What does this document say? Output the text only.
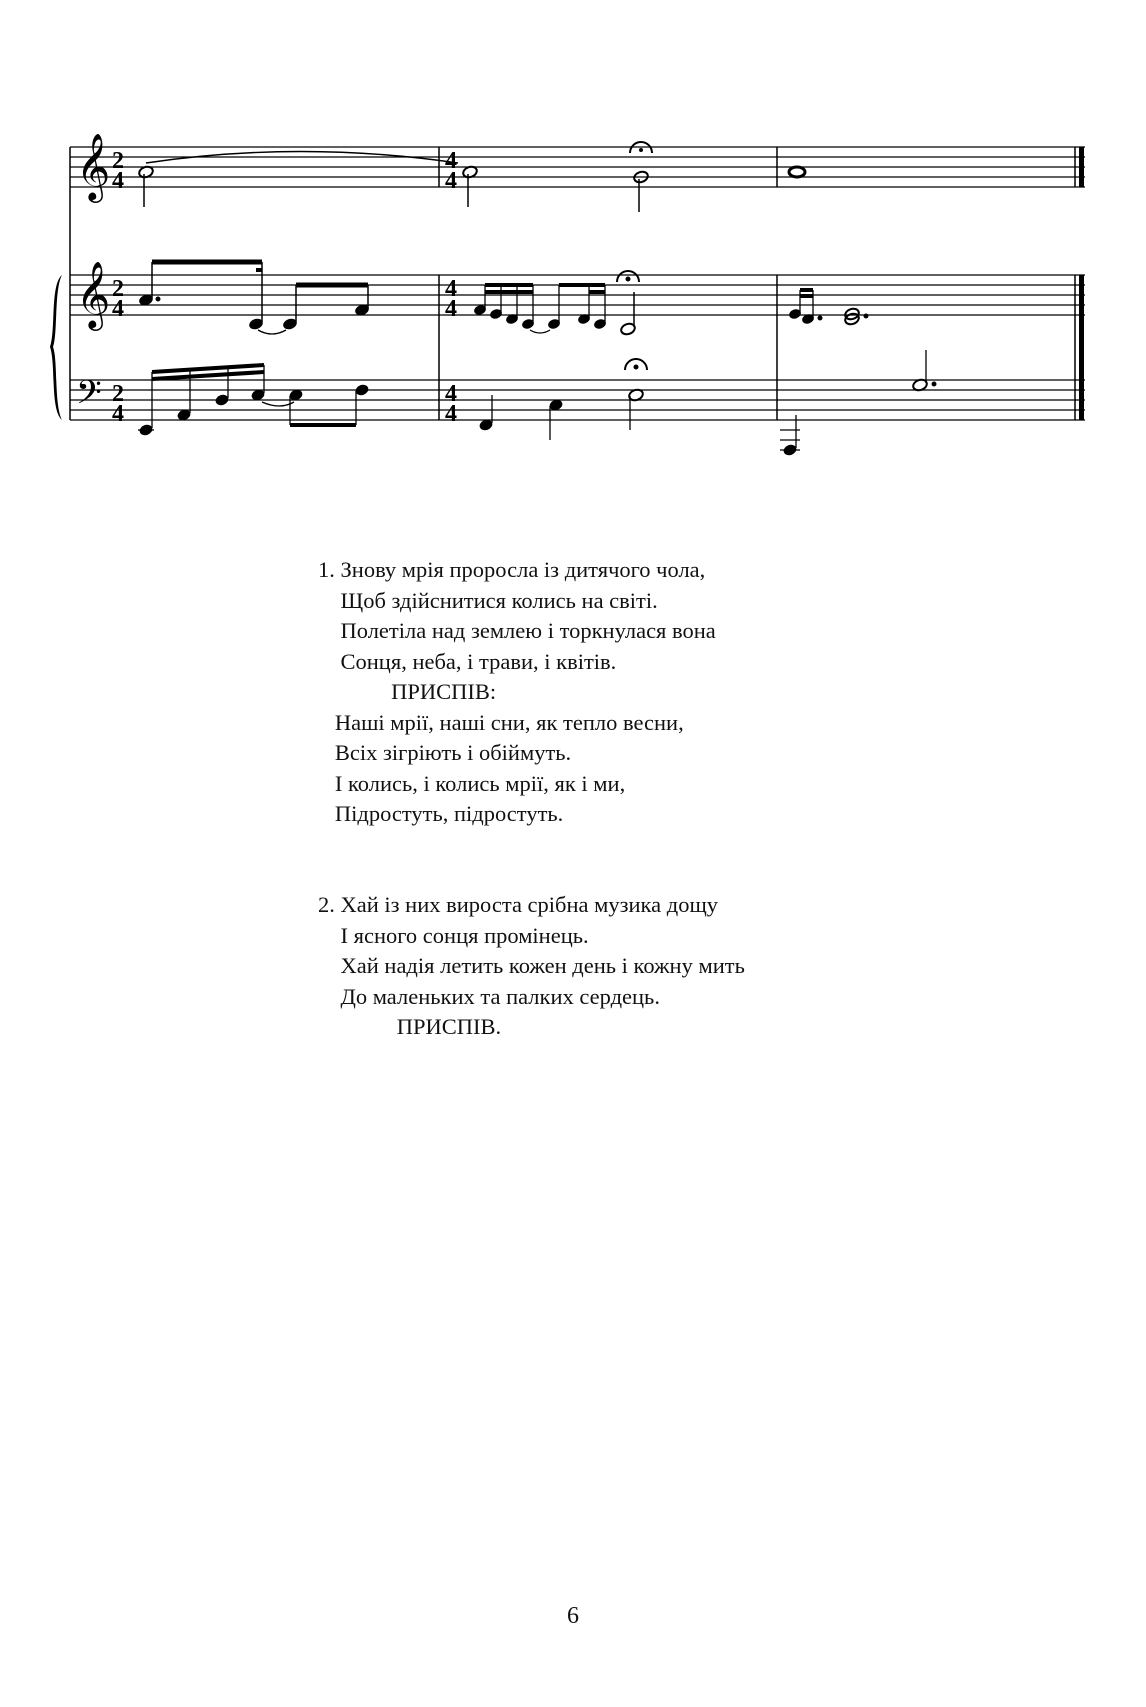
𝄞
𝄞
𝄢
2
4
2
4
2
4
4
4
4
4
4
4
1. Знову мрія проросла із дитячого чола,
Щоб здійснитися колись на світі.
Полетіла над землею і торкнулася вона
Сонця, неба, і трави, і квітів.
ПРИСПІВ:
Наші мрії, наші сни, як тепло весни,
Всіх зігріють і обіймуть.
І колись, і колись мрії, як і ми,
Підростуть, підростуть.
2. Хай із них вироста срібна музика дощу
І ясного сонця промінець.
Хай надія летить кожен день і кожну мить
До маленьких та палких сердець.
ПРИСПІВ.
6
